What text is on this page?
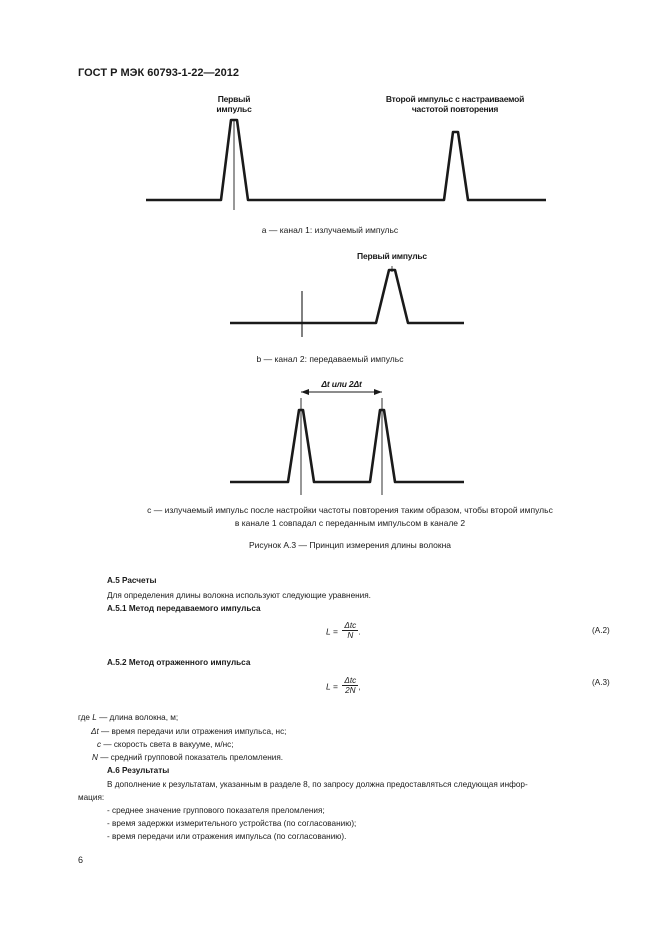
ГОСТ Р МЭК 60793-1-22—2012
Первый
импульс
Второй импульс с настраиваемой
частотой повторения
а — канал 1: излучаемый импульс
Первый импульс
b — канал 2: передаваемый импульс
Δt или 2Δt
с — излучаемый импульс после настройки частоты повторения таким образом, чтобы второй импульс
в канале 1 совпадал с переданным импульсом в канале 2
Рисунок А.3 — Принцип измерения длины волокна
А.5 Расчеты
Для определения длины волокна используют следующие уравнения.
А.5.1 Метод передаваемого импульса
$L = \frac{\text{Δtc}}{N}$ .	(А.2)
А.5.2 Метод отраженного импульса
$L = \frac{\text{Δtc}}{2N}$ ,
(А.3)
где L — длина волокна, м;
Δt — время передачи или отражения импульса, нс;
c — скорость света в вакууме, м/нс;
N — средний групповой показатель преломления.
А.6 Результаты
В дополнение к результатам, указанным в разделе 8, по запросу должна предоставляться следующая инфор-
мация:
- среднее значение группового показателя преломления;
- время задержки измерительного устройства (по согласованию);
- время передачи или отражения импульса (по согласованию).
6
